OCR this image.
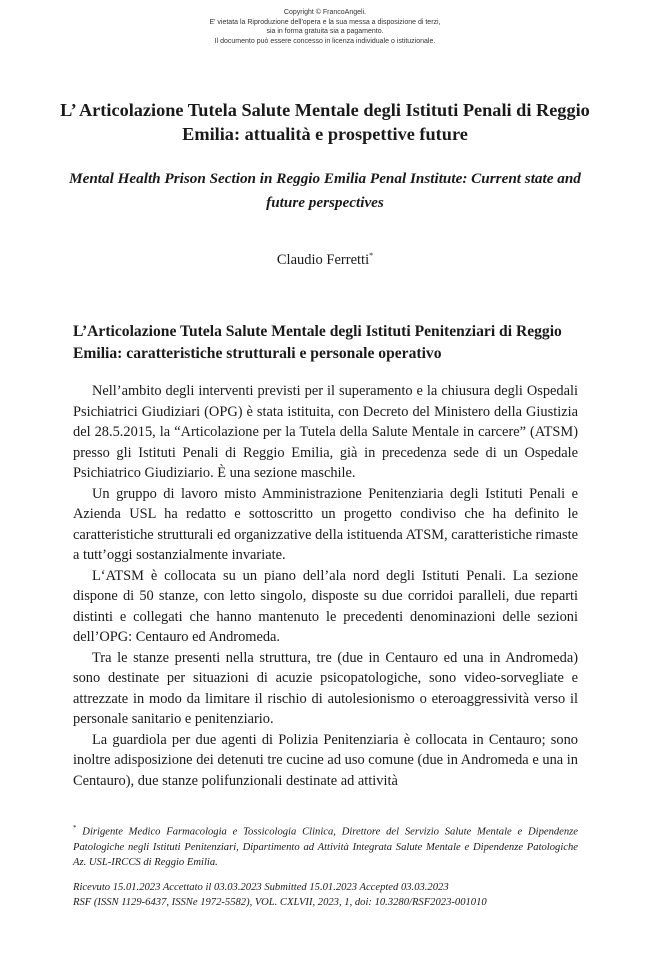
Copyright © FrancoAngeli.
E' vietata la Riproduzione dell'opera e la sua messa a disposizione di terzi,
sia in forma gratuita sia a pagamento.
Il documento può essere concesso in licenza individuale o istituzionale.
L’ Articolazione Tutela Salute Mentale degli Istituti Penali di Reggio Emilia: attualità e prospettive future
Mental Health Prison Section in Reggio Emilia Penal Institute: Current state and future perspectives
Claudio Ferretti*
L’Articolazione Tutela Salute Mentale degli Istituti Penitenziari di Reggio Emilia: caratteristiche strutturali e personale operativo

Nell’ambito degli interventi previsti per il superamento e la chiusura degli Ospedali Psichiatrici Giudiziari (OPG) è stata istituita, con Decreto del Ministero della Giustizia del 28.5.2015, la “Articolazione per la Tutela della Salute Mentale in carcere” (ATSM) presso gli Istituti Penali di Reggio Emilia, già in precedenza sede di un Ospedale Psichiatrico Giudiziario. È una sezione maschile.

Un gruppo di lavoro misto Amministrazione Penitenziaria degli Istituti Penali e Azienda USL ha redatto e sottoscritto un progetto condiviso che ha definito le caratteristiche strutturali ed organizzative della istituenda ATSM, caratteristiche rimaste a tutt’oggi sostanzialmente invariate.

L‘ATSM è collocata su un piano dell’ala nord degli Istituti Penali. La sezione dispone di 50 stanze, con letto singolo, disposte su due corridoi paralleli, due reparti distinti e collegati che hanno mantenuto le precedenti denominazioni delle sezioni dell’OPG: Centauro ed Andromeda.

Tra le stanze presenti nella struttura, tre (due in Centauro ed una in Andromeda) sono destinate per situazioni di acuzie psicopatologiche, sono video-sorvegliate e attrezzate in modo da limitare il rischio di autolesionismo o eteroaggressività verso il personale sanitario e penitenziario.

La guardiola per due agenti di Polizia Penitenziaria è collocata in Centauro; sono inoltre adisposizione dei detenuti tre cucine ad uso comune (due in Andromeda e una in Centauro), due stanze polifunzionali destinate ad attività

* Dirigente Medico Farmacologia e Tossicologia Clinica, Direttore del Servizio Salute Mentale e Dipendenze Patologiche negli Istituti Penitenziari, Dipartimento ad Attività Integrata Salute Mentale e Dipendenze Patologiche Az. USL-IRCCS di Reggio Emilia.
Ricevuto 15.01.2023 Accettato il 03.03.2023 Submitted 15.01.2023 Accepted 03.03.2023
RSF (ISSN 1129-6437, ISSNe 1972-5582), VOL. CXLVII, 2023, 1, doi: 10.3280/RSF2023-001010
